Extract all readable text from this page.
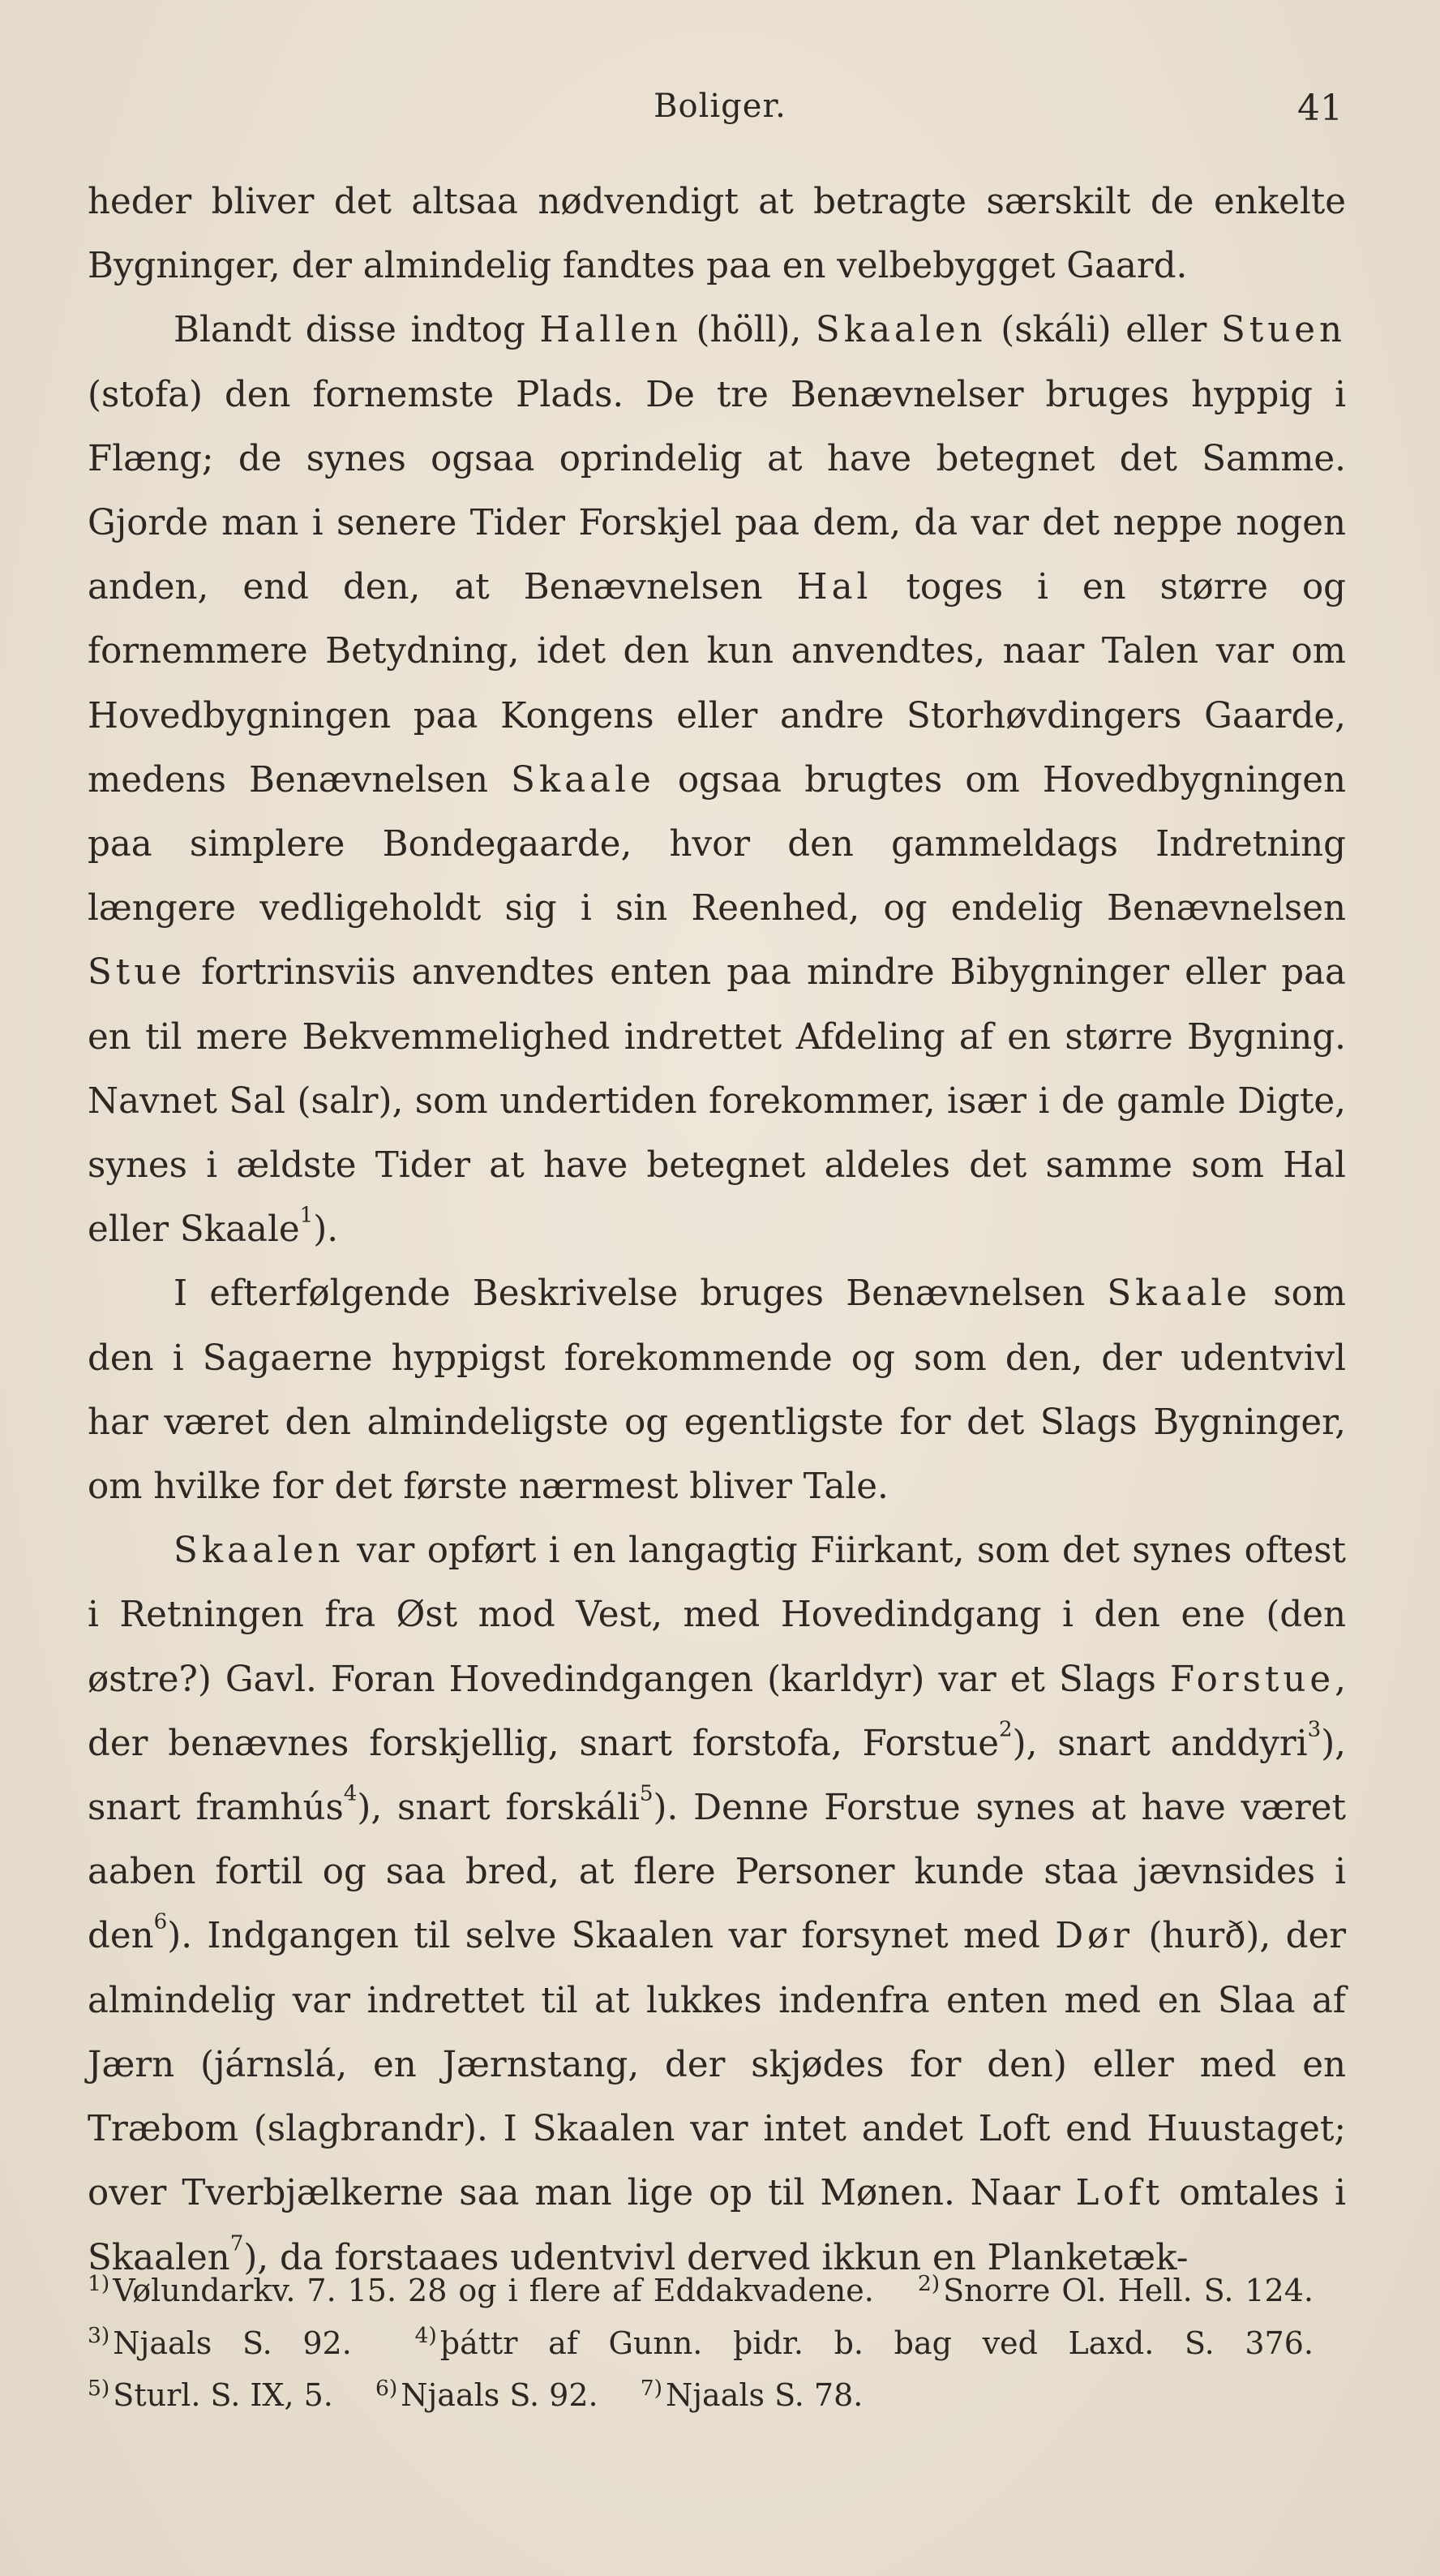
Boliger.	41

heder bliver det altsaa nødvendigt at betragte særskilt de enkelte Bygninger, der almindelig fandtes paa en velbebygget Gaard.

Blandt disse indtog Hallen (höll), Skaalen (skáli) eller Stuen (stofa) den fornemste Plads. De tre Benævnelser bruges hyppig i Flæng; de synes ogsaa oprindelig at have betegnet det Samme. Gjorde man i senere Tider Forskjel paa dem, da var det neppe nogen anden, end den, at Benævnelsen Hal toges i en større og fornemmere Betydning, idet den kun anvendtes, naar Talen var om Hovedbygningen paa Kongens eller andre Storhøvdingers Gaarde, medens Benævnelsen Skaale ogsaa brugtes om Hovedbygningen paa simplere Bondegaarde, hvor den gammeldags Indretning længere vedligeholdt sig i sin Reenhed, og endelig Benævnelsen Stue fortrinsviis anvendtes enten paa mindre Bibygninger eller paa en til mere Bekvemmelighed indrettet Afdeling af en større Bygning. Navnet Sal (salr), som undertiden forekommer, især i de gamle Digte, synes i ældste Tider at have betegnet aldeles det samme som Hal eller Skaale$^1$).

I efterfølgende Beskrivelse bruges Benævnelsen Skaale som den i Sagaerne hyppigst forekommende og som den, der udentvivl har været den almindeligste og egentligste for det Slags Bygninger, om hvilke for det første nærmest bliver Tale.

Skaalen var opført i en langagtig Fiirkant, som det synes oftest i Retningen fra Øst mod Vest, med Hovedindgang i den ene (den østre?) Gavl. Foran Hovedindgangen (karldyr) var et Slags Forstue, der benævnes forskjellig, snart forstofa, Forstue$^2$), snart anddyri$^3$), snart framhús$^4$), snart forskáli$^5$). Denne Forstue synes at have været aaben fortil og saa bred, at flere Personer kunde staa jævnsides i den$^6$). Indgangen til selve Skaalen var forsynet med Dør (hurð), der almindelig var indrettet til at lukkes indenfra enten med en Slaa af Jærn (járnslá, en Jærnstang, der skjødes for den) eller med en Træbom (slagbrandr). I Skaalen var intet andet Loft end Huustaget; over Tverbjælkerne saa man lige op til Mønen. Naar Loft omtales i Skaalen$^7$), da forstaaes udentvivl derved ikkun en Planketæk-

$^{1)}$ Vølundarkv. 7. 15. 28 og i flere af Eddakvadene. $^{2)}$ Snorre Ol. Hell. S. 124. $^{3)}$ Njaals S. 92.	$^{4)}$ þáttr af Gunn. þidr. b. bag ved Laxd. S. 376. $^{5)}$ Sturl. S. IX, 5. $^{6)}$ Njaals S. 92. $^{7)}$ Njaals S. 78.
